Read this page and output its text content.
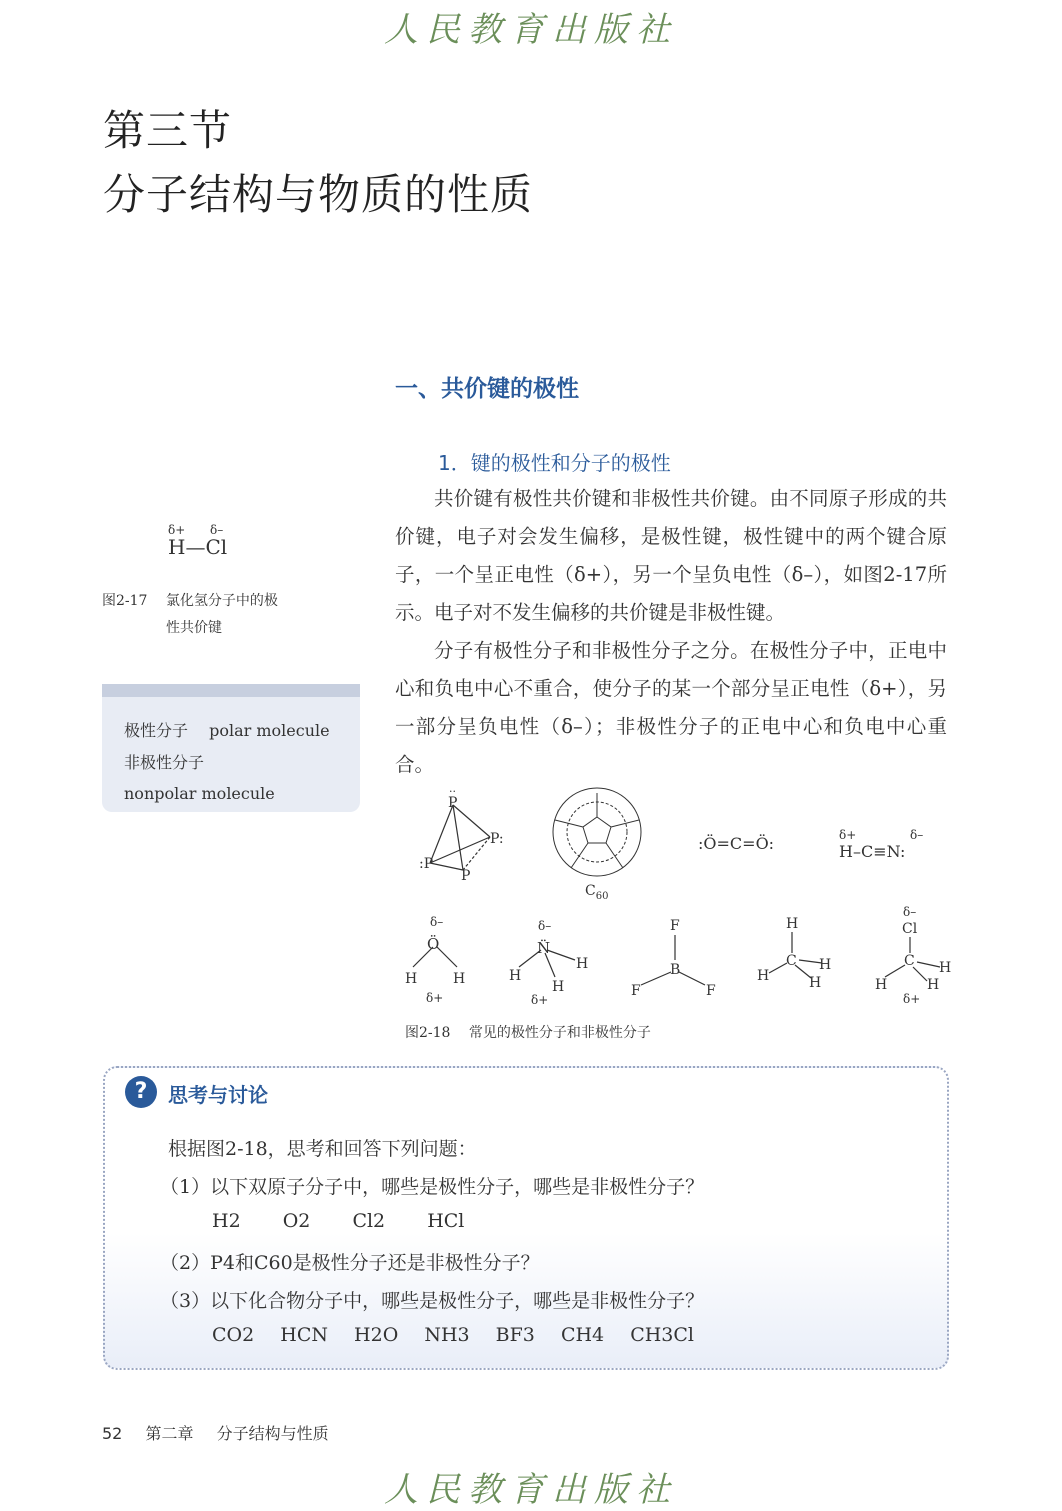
人民教育出版社
人民教育出版社
第三节
分子结构与物质的性质
一、共价键的极性
1．键的极性和分子的极性

共价键有极性共价键和非极性共价键。由不同原子形成的共价键，电子对会发生偏移，是极性键，极性键中的两个键合原子，一个呈正电性（δ+），另一个呈负电性（δ–），如图2-17所示。电子对不发生偏移的共价键是非极性键。

分子有极性分子和非极性分子之分。在极性分子中，正电中心和负电中心不重合，使分子的某一个部分呈正电性（δ+），另一部分呈负电性（δ–）；非极性分子的正电中心和负电中心重合。

δ+ δ–
H—Cl
图2-17 氯化氢分子中的极
性共价键
极性分子 polar molecule
非极性分子
nonpolar molecule	P
··
P:
:P
P
$C_{60}$
:Ö=C=Ö:	δ+	δ–
H–C≡N:
δ–
Ö
H	H
δ+
δ–
N̈
H
H
H
δ+
F
B
F	F
H
C
H
H
H
δ–
Cl
C
H
H
H
δ+
图2-18 常见的极性分子和非极性分子
?	思考与讨论
根据图2-18，思考和回答下列问题：
（1）以下双原子分子中，哪些是极性分子，哪些是非极性分子？
H2 O2 Cl2 HCl
（2）P4和C60是极性分子还是非极性分子？
（3）以下化合物分子中，哪些是极性分子，哪些是非极性分子？
CO2 HCN H2O NH3 BF3 CH4 CH3Cl
52 第二章 分子结构与性质
